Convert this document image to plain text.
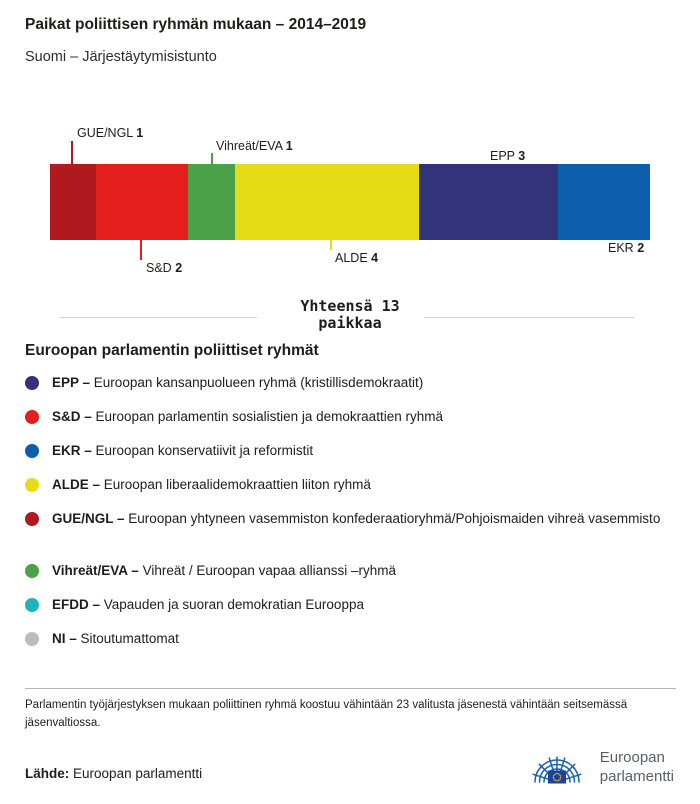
Paikat poliittisen ryhmän mukaan – 2014–2019
Suomi – Järjestäytymisistunto
GUE/NGL 1
Vihreät/EVA 1
EPP 3
S&D 2
ALDE 4
EKR 2
Yhteensä 13
paikkaa
Euroopan parlamentin poliittiset ryhmät
EPP – Euroopan kansanpuolueen ryhmä (kristillisdemokraatit)
S&D – Euroopan parlamentin sosialistien ja demokraattien ryhmä
EKR – Euroopan konservatiivit ja reformistit
ALDE – Euroopan liberaalidemokraattien liiton ryhmä
GUE/NGL – Euroopan yhtyneen vasemmiston konfederaatioryhmä/Pohjoismaiden vihreä vasemmisto
Vihreät/EVA – Vihreät / Euroopan vapaa allianssi –ryhmä
EFDD – Vapauden ja suoran demokratian Eurooppa
NI – Sitoutumattomat
Parlamentin työjärjestyksen mukaan poliittinen ryhmä koostuu vähintään 23 valitusta jäsenestä vähintään seitsemässä jäsenvaltiossa.
Lähde: Euroopan parlamentti
Euroopan
parlamentti
